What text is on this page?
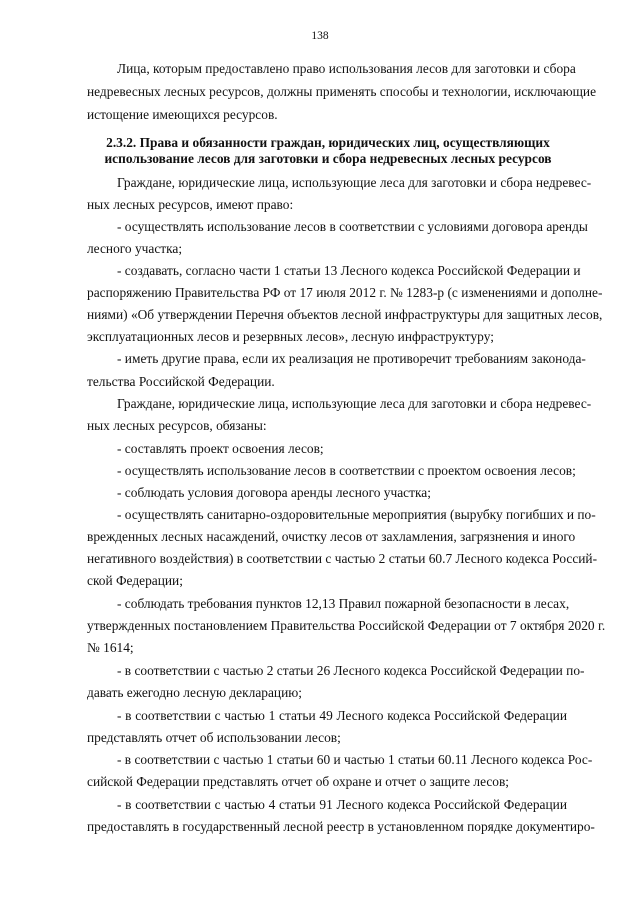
138
Лица, которым предоставлено право использования лесов для заготовки и сбора
недревесных лесных ресурсов, должны применять способы и технологии, исключающие
истощение имеющихся ресурсов.
2.3.2. Права и обязанности граждан, юридических лиц, осуществляющих
использование лесов для заготовки и сбора недревесных лесных ресурсов
Граждане, юридические лица, использующие леса для заготовки и сбора недревес-
ных лесных ресурсов, имеют право:
- осуществлять использование лесов в соответствии с условиями договора аренды
лесного участка;
- создавать, согласно части 1 статьи 13 Лесного кодекса Российской Федерации и
распоряжению Правительства РФ от 17 июля 2012 г. № 1283-р (с изменениями и дополне-
ниями) «Об утверждении Перечня объектов лесной инфраструктуры для защитных лесов,
эксплуатационных лесов и резервных лесов», лесную инфраструктуру;
- иметь другие права, если их реализация не противоречит требованиям законода-
тельства Российской Федерации.
Граждане, юридические лица, использующие леса для заготовки и сбора недревес-
ных лесных ресурсов, обязаны:
- составлять проект освоения лесов;
- осуществлять использование лесов в соответствии с проектом освоения лесов;
- соблюдать условия договора аренды лесного участка;
- осуществлять санитарно-оздоровительные мероприятия (вырубку погибших и по-
врежденных лесных насаждений, очистку лесов от захламления, загрязнения и иного
негативного воздействия) в соответствии с частью 2 статьи 60.7 Лесного кодекса Россий-
ской Федерации;
- соблюдать требования пунктов 12,13 Правил пожарной безопасности в лесах,
утвержденных постановлением Правительства Российской Федерации от 7 октября 2020 г.
№ 1614;
- в соответствии с частью 2 статьи 26 Лесного кодекса Российской Федерации по-
давать ежегодно лесную декларацию;
- в соответствии с частью 1 статьи 49 Лесного кодекса Российской Федерации
представлять отчет об использовании лесов;
- в соответствии с частью 1 статьи 60 и частью 1 статьи 60.11 Лесного кодекса Рос-
сийской Федерации представлять отчет об охране и отчет о защите лесов;
- в соответствии с частью 4 статьи 91 Лесного кодекса Российской Федерации
предоставлять в государственный лесной реестр в установленном порядке документиро-
